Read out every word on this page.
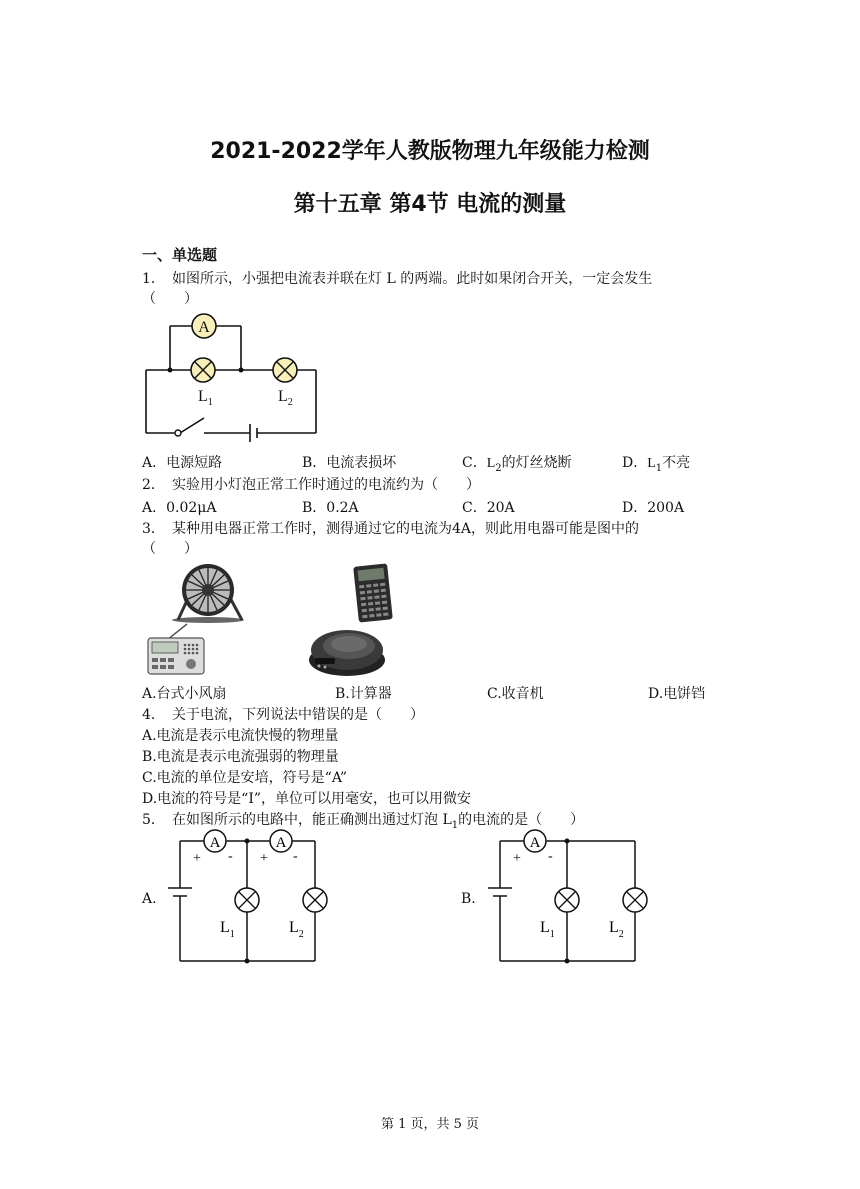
2021-2022学年人教版物理九年级能力检测
第十五章 第4节 电流的测量
一、单选题
1． 如图所示，小强把电流表并联在灯 L 的两端。此时如果闭合开关，一定会发生
（　　）
A
$L_1$	$L_2$
A．电源短路	B．电流表损坏	C．$L_2$的灯丝烧断	D．$L_1$不亮
2． 实验用小灯泡正常工作时通过的电流约为（　　）
A．0.02μA	B．0.2A	C．20A	D．200A
3． 某种用电器正常工作时，测得通过它的电流为4A，则此用电器可能是图中的
（　　）
A.台式小风扇	B.计算器	C.收音机	D.电饼铛
4． 关于电流，下列说法中错误的是（　　）
A.电流是表示电流快慢的物理量
B.电流是表示电流强弱的物理量
C.电流的单位是安培，符号是“A”
D.电流的符号是“I”，单位可以用毫安，也可以用微安
5． 在如图所示的电路中，能正确测出通过灯泡 $L_1$的电流的是（　　）
A.
A	A
+ - + -
$L_1$	$L_2$
B.
A
+ -
$L_1$	$L_2$
第 1 页，共 5 页
